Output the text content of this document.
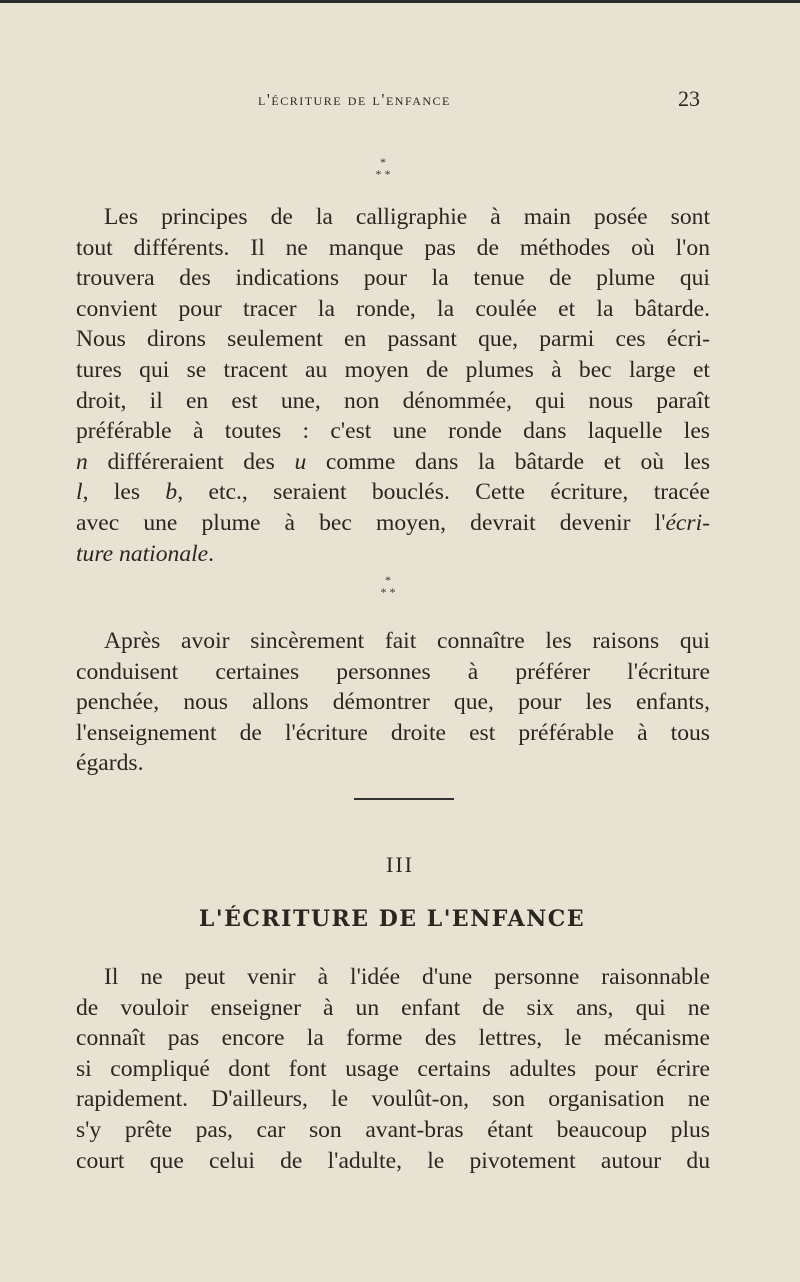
l'écriture de l'enfance	23
*
* *
Les principes de la calligraphie à main posée sont
tout différents. Il ne manque pas de méthodes où l'on
trouvera des indications pour la tenue de plume qui
convient pour tracer la ronde, la coulée et la bâtarde.
Nous dirons seulement en passant que, parmi ces écri-
tures qui se tracent au moyen de plumes à bec large et
droit, il en est une, non dénommée, qui nous paraît
préférable à toutes : c'est une ronde dans laquelle les
n différeraient des u comme dans la bâtarde et où les
l, les b, etc., seraient bouclés. Cette écriture, tracée
avec une plume à bec moyen, devrait devenir l'écri-
ture nationale.
*
* *
Après avoir sincèrement fait connaître les raisons qui
conduisent certaines personnes à préférer l'écriture
penchée, nous allons démontrer que, pour les enfants,
l'enseignement de l'écriture droite est préférable à tous
égards.
III
L'ÉCRITURE DE L'ENFANCE
Il ne peut venir à l'idée d'une personne raisonnable
de vouloir enseigner à un enfant de six ans, qui ne
connaît pas encore la forme des lettres, le mécanisme
si compliqué dont font usage certains adultes pour écrire
rapidement. D'ailleurs, le voulût-on, son organisation ne
s'y prête pas, car son avant-bras étant beaucoup plus
court que celui de l'adulte, le pivotement autour du
